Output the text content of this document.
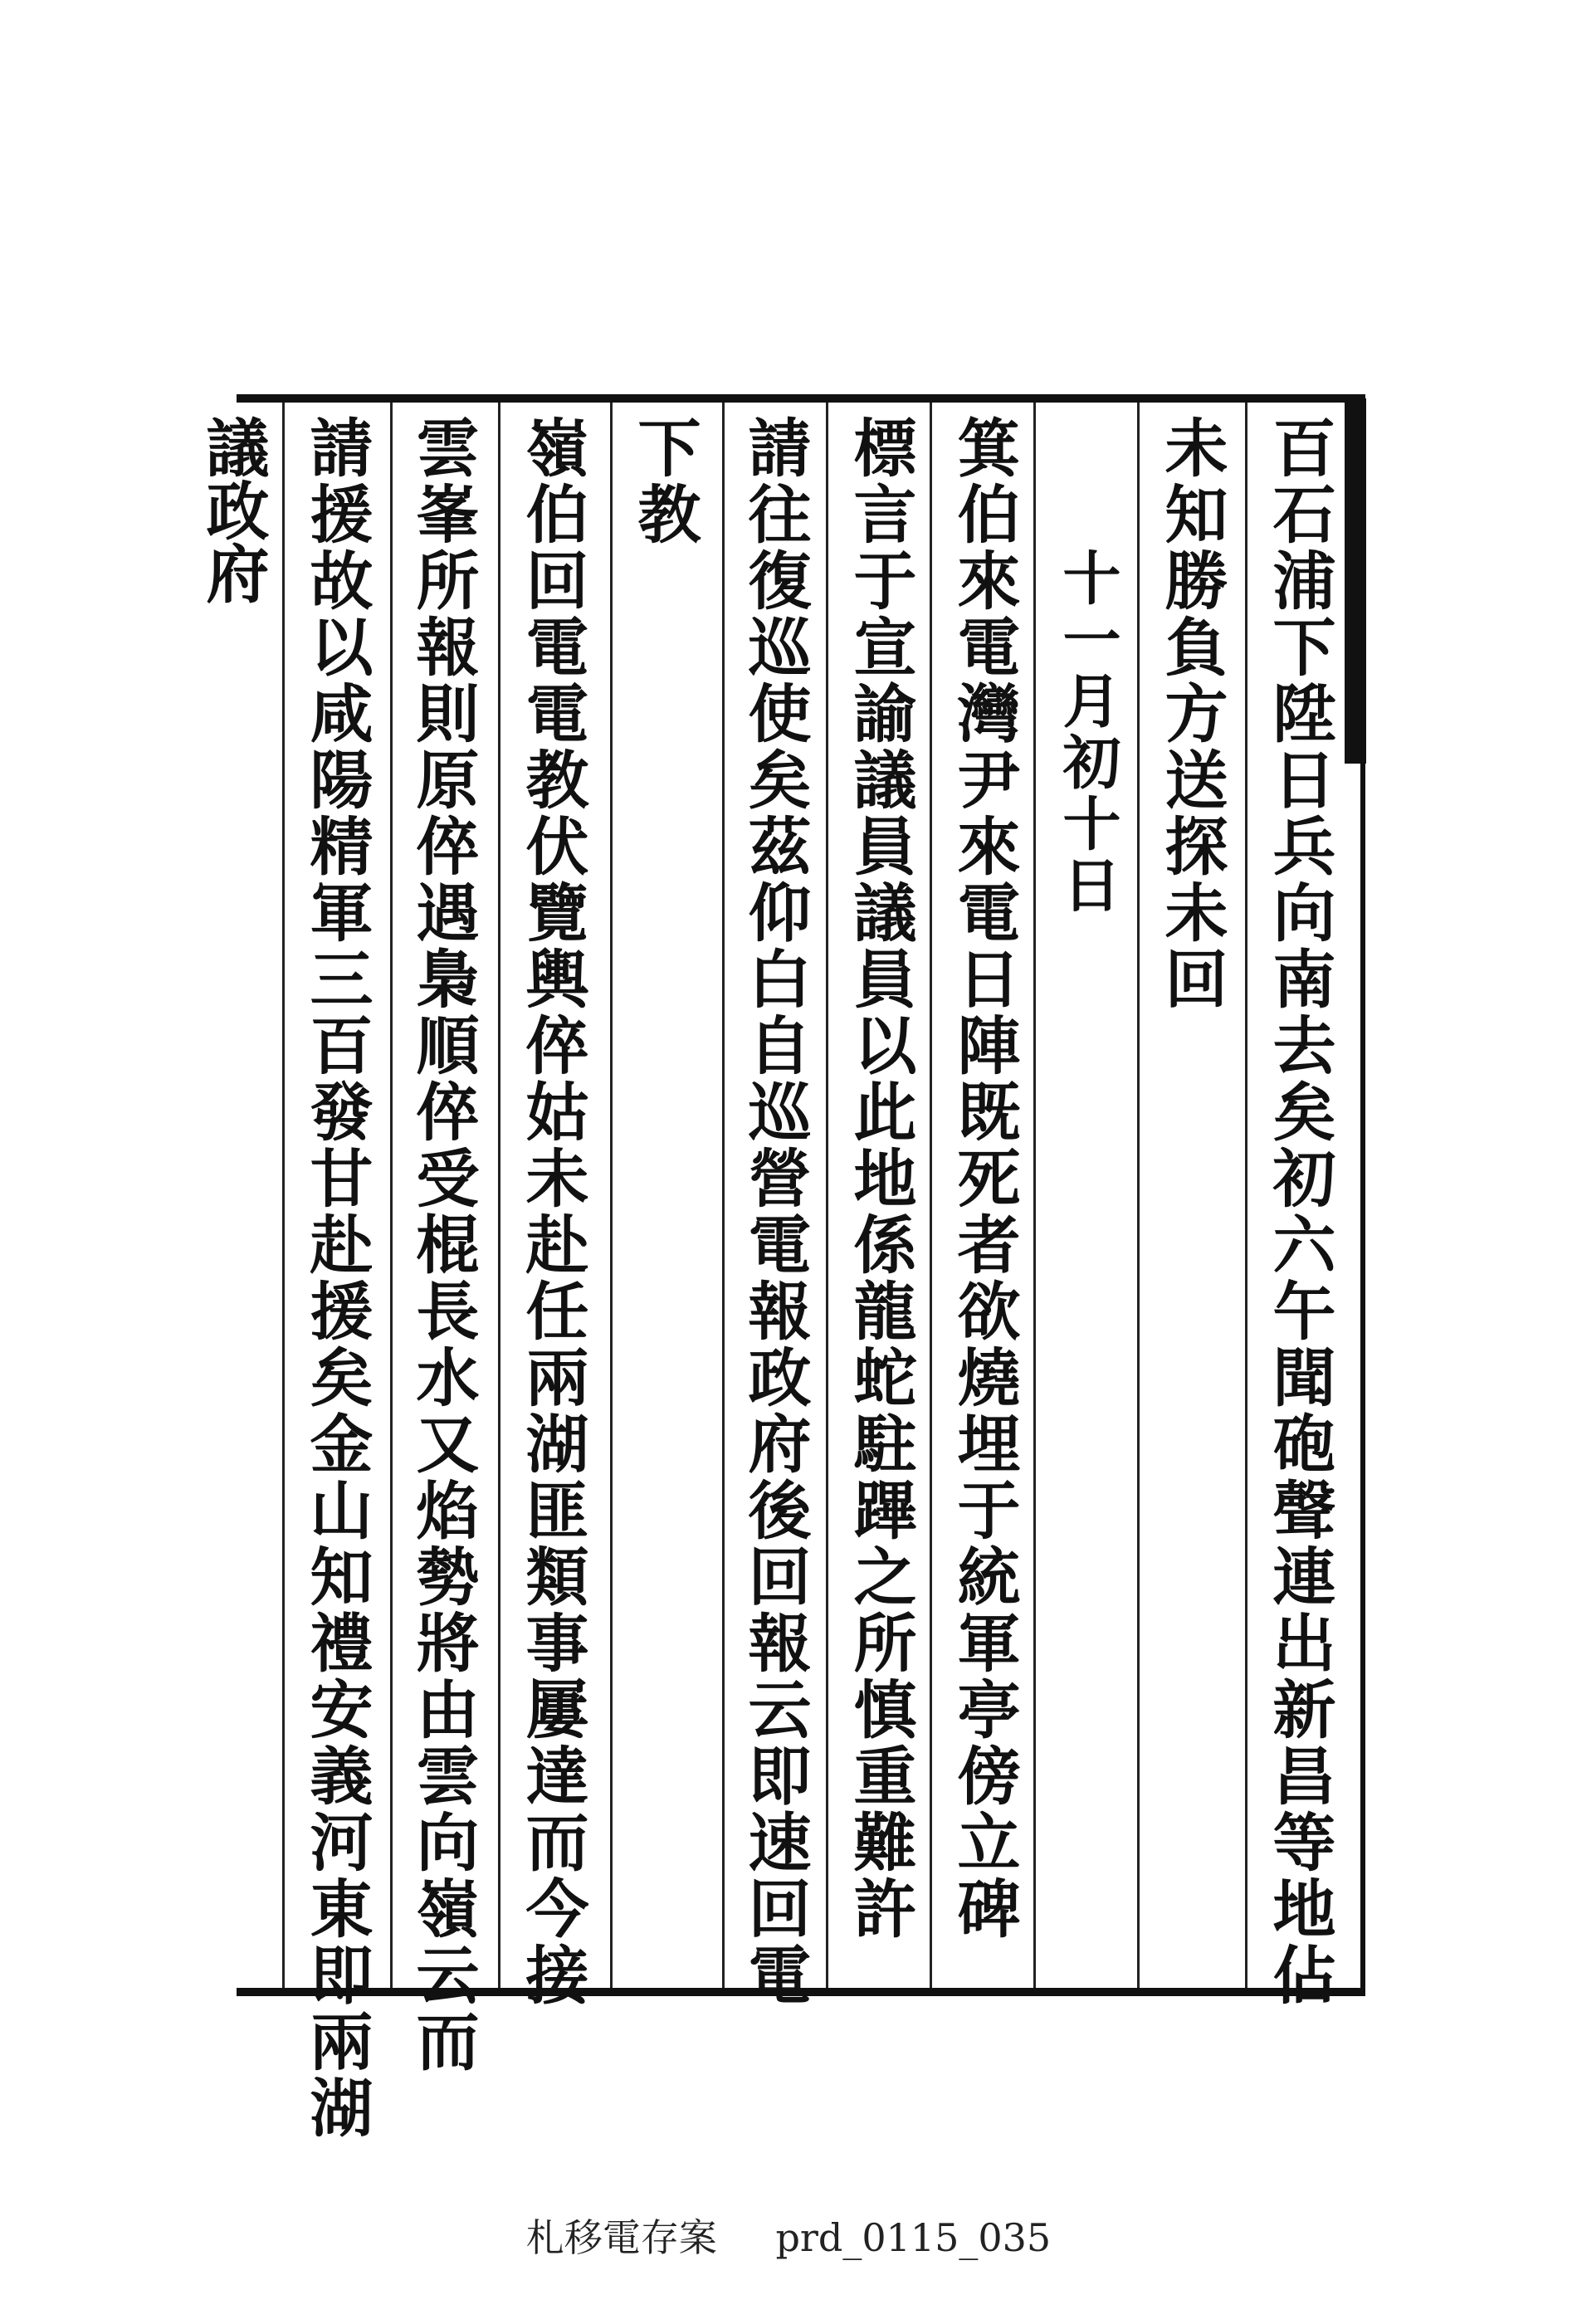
議政府	百石浦下陞日兵向南去矣初六午聞砲聲連出新昌等地佔
未知勝負方送探未回
十一月初十日
箕伯來電灣尹來電日陣既死者欲燒埋于統軍亭傍立碑
標言于宣諭議員議員以此地係龍蛇駐蹕之所慎重難許
請往復巡使矣茲仰白自巡營電報政府後回報云即速回電
下教
嶺伯回電電教伏覽輿倅姑未赴任兩湖匪類事屢達而今接
雲峯所報則原倅遇梟順倅受棍長水又焰勢將由雲向嶺云而
請援故以咸陽精軍三百發甘赴援矣金山知禮安義河東即兩湖
札移電存案 prd_0115_035
